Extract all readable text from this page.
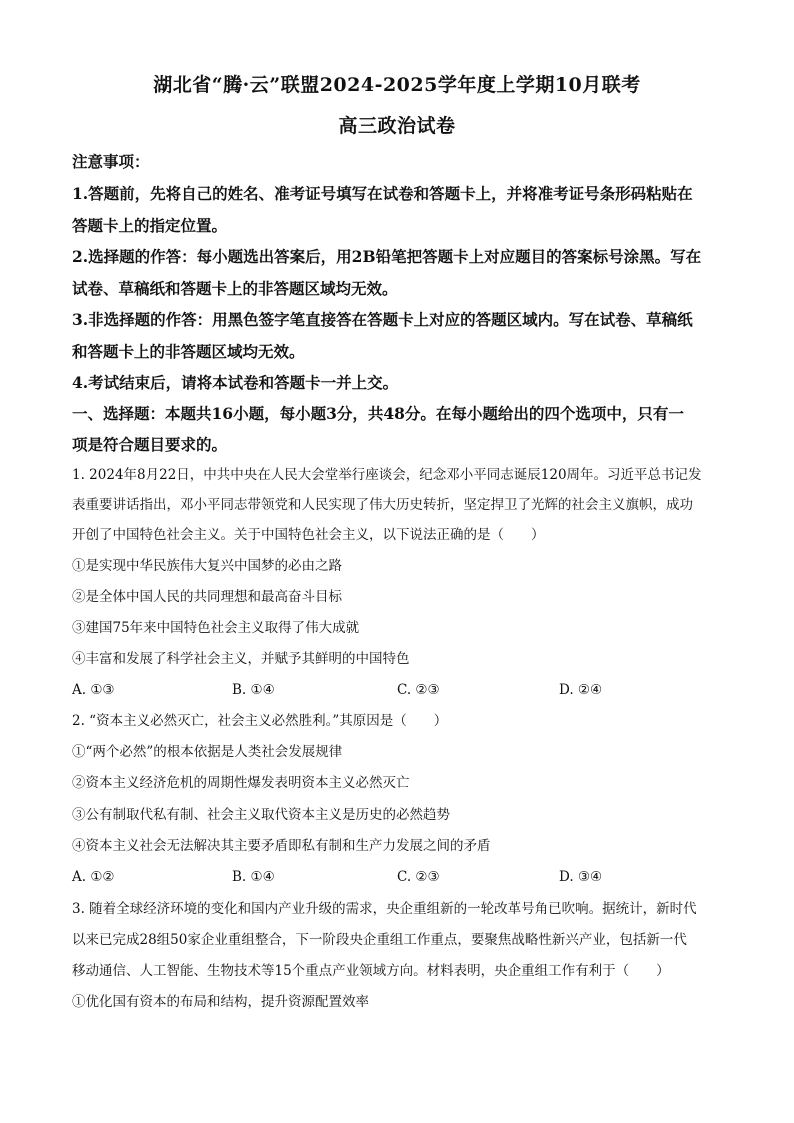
湖北省“腾·云”联盟2024-2025学年度上学期10月联考
高三政治试卷
注意事项：
1.答题前，先将自己的姓名、准考证号填写在试卷和答题卡上，并将准考证号条形码粘贴在
答题卡上的指定位置。
2.选择题的作答：每小题选出答案后，用2B铅笔把答题卡上对应题目的答案标号涂黑。写在
试卷、草稿纸和答题卡上的非答题区域均无效。
3.非选择题的作答：用黑色签字笔直接答在答题卡上对应的答题区域内。写在试卷、草稿纸
和答题卡上的非答题区域均无效。
4.考试结束后，请将本试卷和答题卡一并上交。
一、选择题：本题共16小题，每小题3分，共48分。在每小题给出的四个选项中，只有一
项是符合题目要求的。
1. 2024年8月22日，中共中央在人民大会堂举行座谈会，纪念邓小平同志诞辰120周年。习近平总书记发
表重要讲话指出，邓小平同志带领党和人民实现了伟大历史转折，坚定捍卫了光辉的社会主义旗帜，成功
开创了中国特色社会主义。关于中国特色社会主义，以下说法正确的是（　　）
①是实现中华民族伟大复兴中国梦的必由之路
②是全体中国人民的共同理想和最高奋斗目标
③建国75年来中国特色社会主义取得了伟大成就
④丰富和发展了科学社会主义，并赋予其鲜明的中国特色
A. ①③	B. ①④	C. ②③	D. ②④
2. “资本主义必然灭亡，社会主义必然胜利。”其原因是（　　）
①“两个必然”的根本依据是人类社会发展规律
②资本主义经济危机的周期性爆发表明资本主义必然灭亡
③公有制取代私有制、社会主义取代资本主义是历史的必然趋势
④资本主义社会无法解决其主要矛盾即私有制和生产力发展之间的矛盾
A. ①②	B. ①④	C. ②③	D. ③④
3. 随着全球经济环境的变化和国内产业升级的需求，央企重组新的一轮改革号角已吹响。据统计，新时代
以来已完成28组50家企业重组整合，下一阶段央企重组工作重点，要聚焦战略性新兴产业，包括新一代
移动通信、人工智能、生物技术等15个重点产业领域方向。材料表明，央企重组工作有利于（　　）
①优化国有资本的布局和结构，提升资源配置效率
